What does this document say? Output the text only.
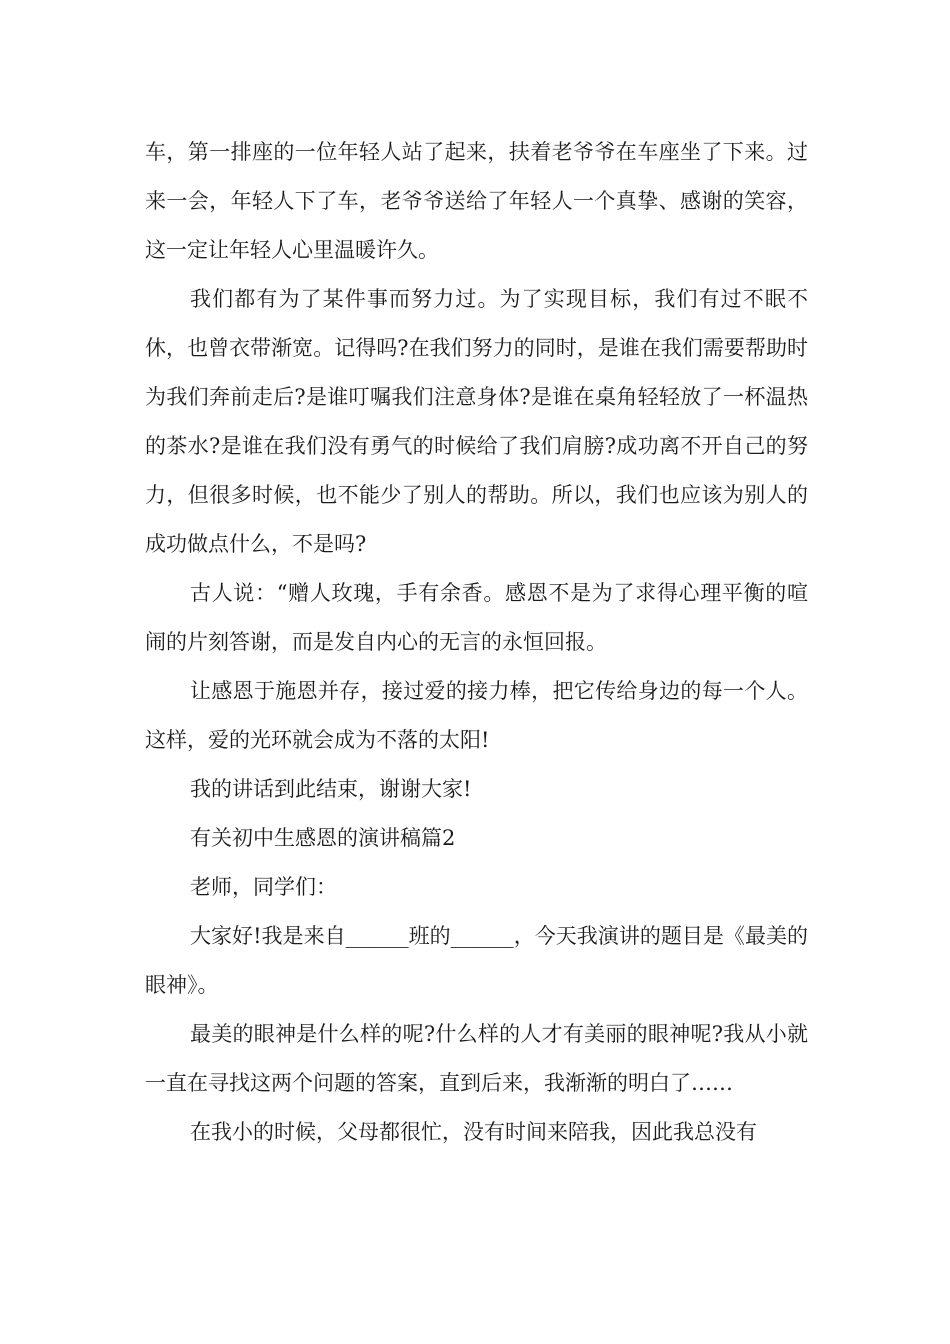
车，第一排座的一位年轻人站了起来，扶着老爷爷在车座坐了下来。过来一会，年轻人下了车，老爷爷送给了年轻人一个真挚、感谢的笑容，这一定让年轻人心里温暖许久。

我们都有为了某件事而努力过。为了实现目标，我们有过不眠不休，也曾衣带渐宽。记得吗?在我们努力的同时，是谁在我们需要帮助时为我们奔前走后?是谁叮嘱我们注意身体?是谁在桌角轻轻放了一杯温热的茶水?是谁在我们没有勇气的时候给了我们肩膀?成功离不开自己的努力，但很多时候，也不能少了别人的帮助。所以，我们也应该为别人的成功做点什么，不是吗?

古人说：“赠人玫瑰，手有余香。感恩不是为了求得心理平衡的喧闹的片刻答谢，而是发自内心的无言的永恒回报。

让感恩于施恩并存，接过爱的接力棒，把它传给身边的每一个人。这样，爱的光环就会成为不落的太阳!

我的讲话到此结束，谢谢大家!

有关初中生感恩的演讲稿篇2

老师，同学们：

大家好!我是来自______班的______，今天我演讲的题目是《最美的眼神》。

最美的眼神是什么样的呢?什么样的人才有美丽的眼神呢?我从小就一直在寻找这两个问题的答案，直到后来，我渐渐的明白了……

在我小的时候，父母都很忙，没有时间来陪我，因此我总没有
